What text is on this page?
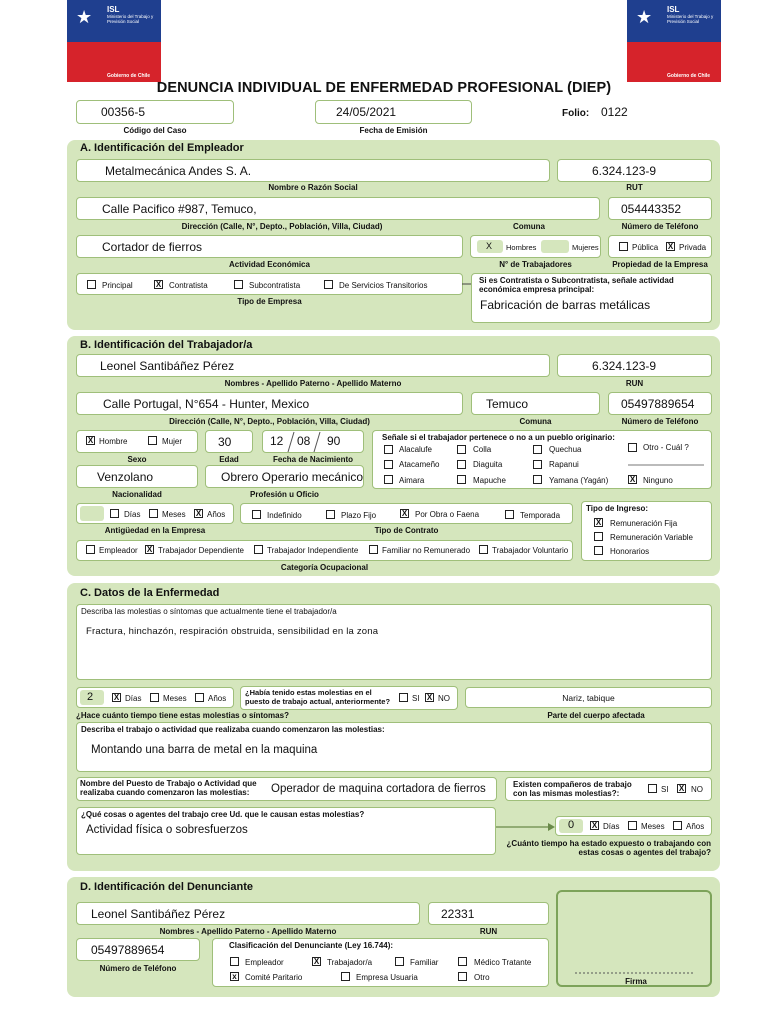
★ ISL
Ministerio del Trabajo y Previsión Social
Gobierno de Chile
★ ISL
Ministerio del Trabajo y Previsión Social
Gobierno de Chile
DENUNCIA INDIVIDUAL DE ENFERMEDAD PROFESIONAL (DIEP)
00356-5
Código del Caso
24/05/2021
Fecha de Emisión
Folio: 0122
A. Identificación del Empleador
Metalmecánica Andes S. A.
Nombre o Razón Social
6.324.123-9
RUT
Calle Pacifico #987, Temuco,
Dirección (Calle, N°, Depto., Población, Villa, Ciudad)	Comuna
054443352
Número de Teléfono
Cortador de fierros
Actividad Económica
X Hombres	Mujeres
N° de Trabajadores
Pública X Privada
Propiedad de la Empresa
Principal	X Contratista	Subcontratista	De Servicios Transitorios
Tipo de Empresa
Si es Contratista o Subcontratista, señale actividad económica empresa principal:
Fabricación de barras metálicas
B. Identificación del Trabajador/a
Leonel Santibáñez Pérez
Nombres - Apellido Paterno - Apellido Materno
6.324.123-9
RUN
Calle Portugal, N°654 - Hunter, Mexico
Dirección (Calle, N°, Depto., Población, Villa, Ciudad)
Temuco
Comuna
05497889654
Número de Teléfono
X Hombre	Mujer
Sexo
30
Edad
12 08 90
Fecha de Nacimiento
Señale si el trabajador pertenece o no a un pueblo originario:
Alacalufe	Colla	Quechua	Otro - Cuál ?
Atacameño	Diaguita	Rapanui
Aimara	Mapuche	Yamana (Yagán)	X Ninguno
Venzolano
Nacionalidad
Obrero Operario mecánico
Profesión u Oficio
Días	Meses X Años
Antigüedad en la Empresa
Indefinido	Plazo Fijo	X Por Obra o Faena	Temporada
Tipo de Contrato
Tipo de Ingreso:
X Remuneración Fija
Remuneración Variable
Honorarios
Empleador X Trabajador Dependiente	Trabajador Independiente	Familiar no Remunerado	Trabajador Voluntario
Categoría Ocupacional
C. Datos de la Enfermedad
Describa las molestias o síntomas que actualmente tiene el trabajador/a
Fractura, hinchazón, respiración obstruida, sensibilidad en la zona
2	X Días	Meses	Años
¿Hace cuánto tiempo tiene estas molestias o síntomas?
¿Había tenido estas molestias en el puesto de trabajo actual, anteriormente?	SI X NO	Nariz, tabique
Parte del cuerpo afectada
Describa el trabajo o actividad que realizaba cuando comenzaron las molestias:
Montando una barra de metal en la maquina
Nombre del Puesto de Trabajo o Actividad que realizaba cuando comenzaron las molestias:	Operador de maquina cortadora de fierros	Existen compañeros de trabajo con las mismas molestias?:	SI X NO
¿Qué cosas o agentes del trabajo cree Ud. que le causan estas molestias?
Actividad física o sobresfuerzos	0 X Días	Meses	Años
¿Cuánto tiempo ha estado expuesto o trabajando con estas cosas o agentes del trabajo?
D. Identificación del Denunciante
Leonel Santibáñez Pérez
Nombres - Apellido Paterno - Apellido Materno
22331
RUN
05497889654
Número de Teléfono
Clasificación del Denunciante (Ley 16.744):
Empleador	X Trabajador/a	Familiar	Médico Tratante
x Comité Paritario	Empresa Usuaria	Otro	Firma
